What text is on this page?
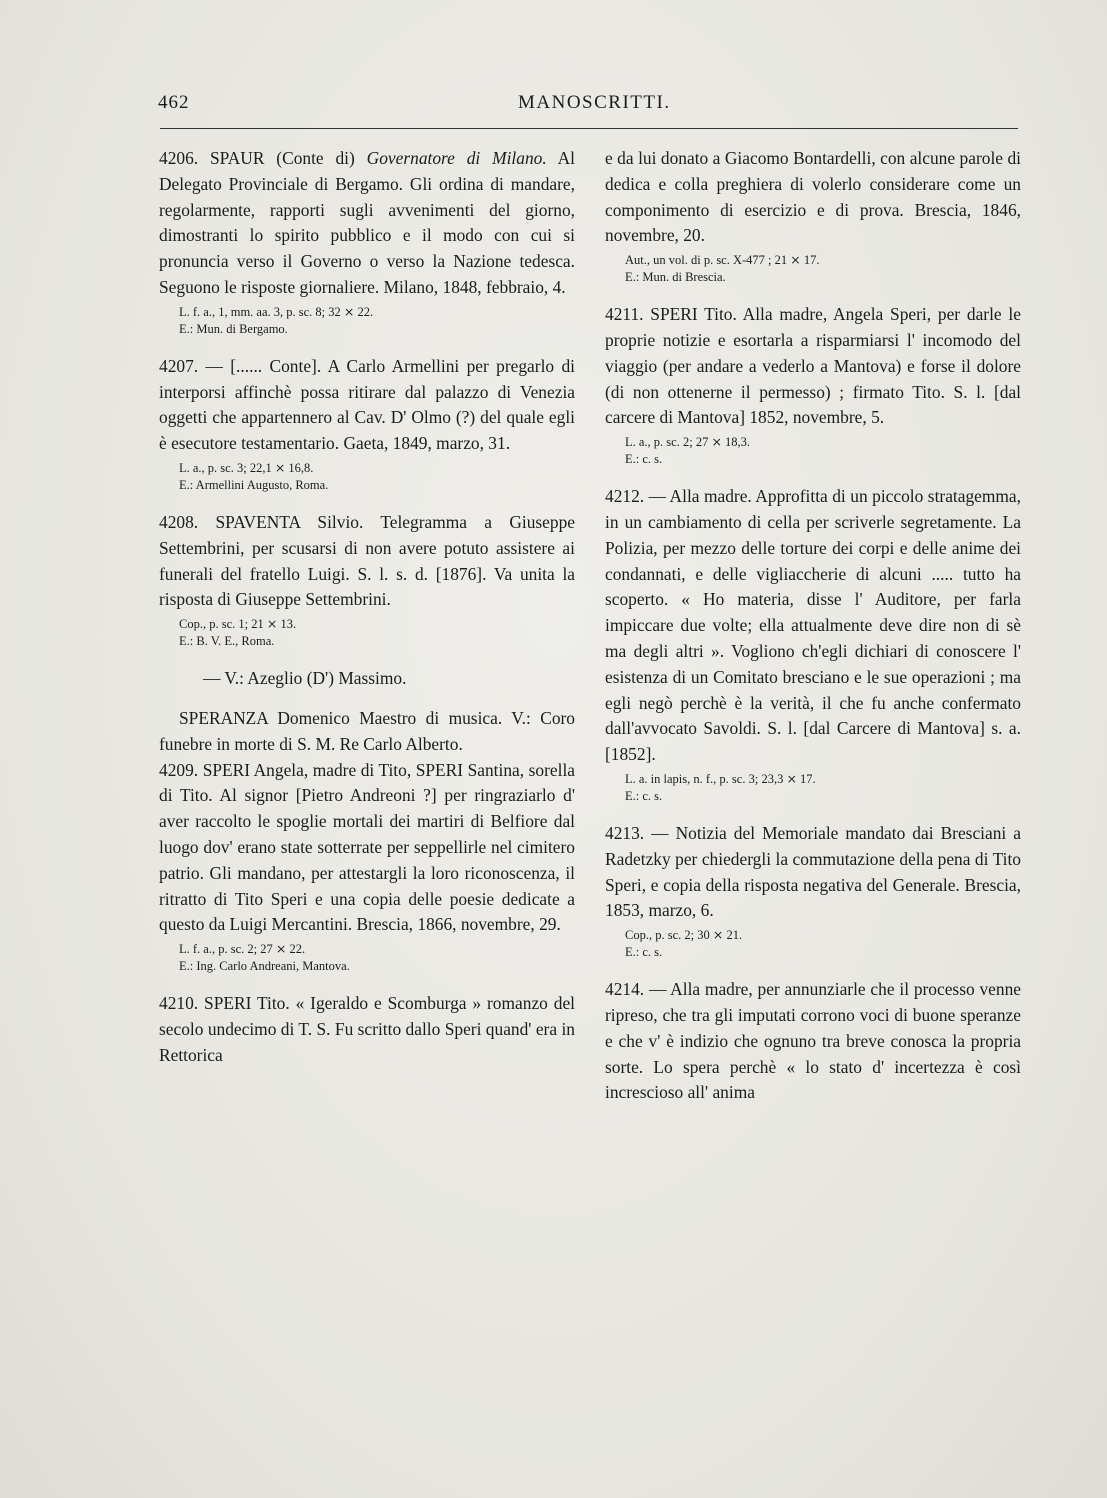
462	MANOSCRITTI.

4206. SPAUR (Conte di) Governatore di Milano. Al Delegato Provinciale di Bergamo. Gli ordina di mandare, regolarmente, rapporti sugli avvenimenti del giorno, dimostranti lo spirito pubblico e il modo con cui si pronuncia verso il Governo o verso la Nazione tedesca. Seguono le risposte giornaliere. Milano, 1848, febbraio, 4.

L. f. a., 1, mm. aa. 3, p. sc. 8; 32 ⨯ 22.

E.: Mun. di Bergamo.

4207. — [...... Conte]. A Carlo Armellini per pregarlo di interporsi affinchè possa ritirare dal palazzo di Venezia oggetti che appartennero al Cav. D' Olmo (?) del quale egli è esecutore testamentario. Gaeta, 1849, marzo, 31.

L. a., p. sc. 3; 22,1 ⨯ 16,8.

E.: Armellini Augusto, Roma.

4208. SPAVENTA Silvio. Telegramma a Giuseppe Settembrini, per scusarsi di non avere potuto assistere ai funerali del fratello Luigi. S. l. s. d. [1876]. Va unita la risposta di Giuseppe Settembrini.

Cop., p. sc. 1; 21 ⨯ 13.

E.: B. V. E., Roma.

— V.: Azeglio (D') Massimo.

SPERANZA Domenico Maestro di musica. V.: Coro funebre in morte di S. M. Re Carlo Alberto.

4209. SPERI Angela, madre di Tito, SPERI Santina, sorella di Tito. Al signor [Pietro Andreoni ?] per ringraziarlo d' aver raccolto le spoglie mortali dei martiri di Belfiore dal luogo dov' erano state sotterrate per seppellirle nel cimitero patrio. Gli mandano, per attestargli la loro riconoscenza, il ritratto di Tito Speri e una copia delle poesie dedicate a questo da Luigi Mercantini. Brescia, 1866, novembre, 29.

L. f. a., p. sc. 2; 27 ⨯ 22.

E.: Ing. Carlo Andreani, Mantova.

4210. SPERI Tito. « Igeraldo e Scomburga » romanzo del secolo undecimo di T. S. Fu scritto dallo Speri quand' era in Rettorica

e da lui donato a Giacomo Bontardelli, con alcune parole di dedica e colla preghiera di volerlo considerare come un componimento di esercizio e di prova. Brescia, 1846, novembre, 20.

Aut., un vol. di p. sc. X-477 ; 21 ⨯ 17.

E.: Mun. di Brescia.

4211. SPERI Tito. Alla madre, Angela Speri, per darle le proprie notizie e esortarla a risparmiarsi l' incomodo del viaggio (per andare a vederlo a Mantova) e forse il dolore (di non ottenerne il permesso) ; firmato Tito. S. l. [dal carcere di Mantova] 1852, novembre, 5.

L. a., p. sc. 2; 27 ⨯ 18,3.

E.: c. s.

4212. — Alla madre. Approfitta di un piccolo stratagemma, in un cambiamento di cella per scriverle segretamente. La Polizia, per mezzo delle torture dei corpi e delle anime dei condannati, e delle vigliaccherie di alcuni ..... tutto ha scoperto. « Ho materia, disse l' Auditore, per farla impiccare due volte; ella attualmente deve dire non di sè ma degli altri ». Vogliono ch'egli dichiari di conoscere l' esistenza di un Comitato bresciano e le sue operazioni ; ma egli negò perchè è la verità, il che fu anche confermato dall'avvocato Savoldi. S. l. [dal Carcere di Mantova] s. a. [1852].

L. a. in lapis, n. f., p. sc. 3; 23,3 ⨯ 17.

E.: c. s.

4213. — Notizia del Memoriale mandato dai Bresciani a Radetzky per chiedergli la commutazione della pena di Tito Speri, e copia della risposta negativa del Generale. Brescia, 1853, marzo, 6.

Cop., p. sc. 2; 30 ⨯ 21.

E.: c. s.

4214. — Alla madre, per annunziarle che il processo venne ripreso, che tra gli imputati corrono voci di buone speranze e che v' è indizio che ognuno tra breve conosca la propria sorte. Lo spera perchè « lo stato d' incertezza è così increscioso all' anima
